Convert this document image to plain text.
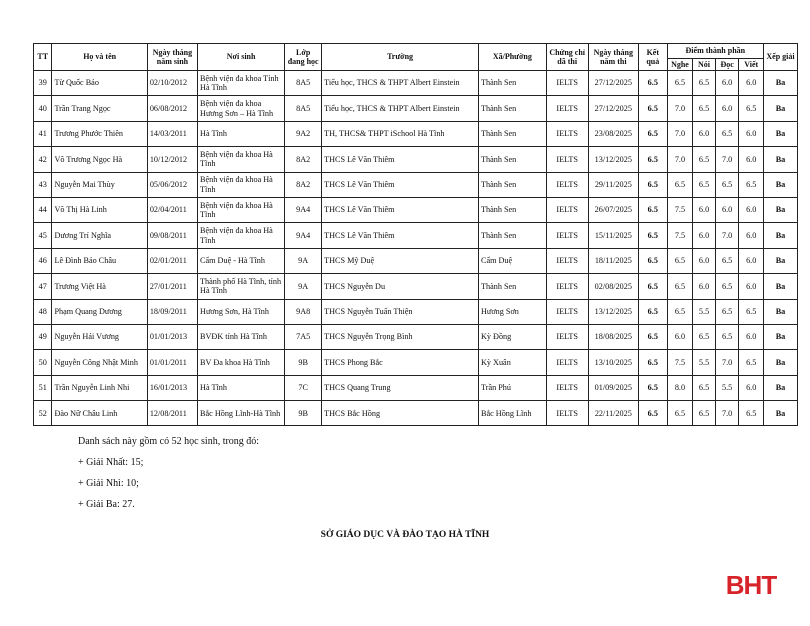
TT	Họ và tên	Ngày tháng năm sinh	Nơi sinh	Lớp đang học	Trường	Xã/Phường	Chứng chỉ dã thi	Ngày tháng năm thi	Kết quả	Điểm thành phần				Xếp giải
										Nghe	Nói	Đọc	Viết	
39	Từ Quốc Bảo	02/10/2012	Bệnh viện đa khoa Tỉnh Hà Tĩnh	8A5	Tiểu học, THCS & THPT Albert Einstein	Thành Sen	IELTS	27/12/2025	6.5	6.5	6.5	6.0	6.0	Ba
40	Trần Trang Ngọc	06/08/2012	Bệnh viện đa khoa Hương Sơn – Hà Tĩnh	8A5	Tiểu học, THCS & THPT Albert Einstein	Thành Sen	IELTS	27/12/2025	6.5	7.0	6.5	6.0	6.5	Ba
41	Trương Phước Thiên	14/03/2011	Hà Tĩnh	9A2	TH, THCS& THPT iSchool Hà Tĩnh	Thành Sen	IELTS	23/08/2025	6.5	7.0	6.0	6.5	6.0	Ba
42	Võ Trương Ngọc Hà	10/12/2012	Bệnh viện đa khoa Hà Tĩnh	8A2	THCS Lê Văn Thiêm	Thành Sen	IELTS	13/12/2025	6.5	7.0	6.5	7.0	6.0	Ba
43	Nguyễn Mai Thùy	05/06/2012	Bệnh viện đa khoa Hà Tĩnh	8A2	THCS Lê Văn Thiêm	Thành Sen	IELTS	29/11/2025	6.5	6.5	6.5	6.5	6.5	Ba
44	Võ Thị Hà Linh	02/04/2011	Bệnh viện đa khoa Hà Tĩnh	9A4	THCS Lê Văn Thiêm	Thành Sen	IELTS	26/07/2025	6.5	7.5	6.0	6.0	6.0	Ba
45	Dương Trí Nghĩa	09/08/2011	Bệnh viện đa khoa Hà Tĩnh	9A4	THCS Lê Văn Thiêm	Thành Sen	IELTS	15/11/2025	6.5	7.5	6.0	7.0	6.0	Ba
46	Lê Đình Bảo Châu	02/01/2011	Cẩm Duệ - Hà Tĩnh	9A	THCS Mỹ Duệ	Cẩm Duệ	IELTS	18/11/2025	6.5	6.5	6.0	6.5	6.0	Ba
47	Trương Việt Hà	27/01/2011	Thành phố Hà Tĩnh, tỉnh Hà Tĩnh	9A	THCS Nguyễn Du	Thành Sen	IELTS	02/08/2025	6.5	6.5	6.0	6.5	6.0	Ba
48	Phạm Quang Dương	18/09/2011	Hương Sơn, Hà Tĩnh	9A8	THCS Nguyễn Tuấn Thiện	Hương Sơn	IELTS	13/12/2025	6.5	6.5	5.5	6.5	6.5	Ba
49	Nguyễn Hải Vương	01/01/2013	BVĐK tỉnh Hà Tĩnh	7A5	THCS Nguyễn Trọng Bình	Kỳ Đồng	IELTS	18/08/2025	6.5	6.0	6.5	6.5	6.0	Ba
50	Nguyễn Công Nhật Minh	01/01/2011	BV Đa khoa Hà Tĩnh	9B	THCS Phong Bắc	Kỳ Xuân	IELTS	13/10/2025	6.5	7.5	5.5	7.0	6.5	Ba
51	Trần Nguyễn Linh Nhi	16/01/2013	Hà Tĩnh	7C	THCS Quang Trung	Trần Phú	IELTS	01/09/2025	6.5	8.0	6.5	5.5	6.0	Ba
52	Đào Nữ Châu Linh	12/08/2011	Bắc Hồng Lĩnh-Hà Tĩnh	9B	THCS Bắc Hồng	Bắc Hồng Lĩnh	IELTS	22/11/2025	6.5	6.5	6.5	7.0	6.5	Ba
Danh sách này gồm có 52 học sinh, trong đó:
+ Giải Nhất: 15;
+ Giải Nhì: 10;
+ Giải Ba: 27.
SỞ GIÁO DỤC VÀ ĐÀO TẠO HÀ TĨNH
BHT
